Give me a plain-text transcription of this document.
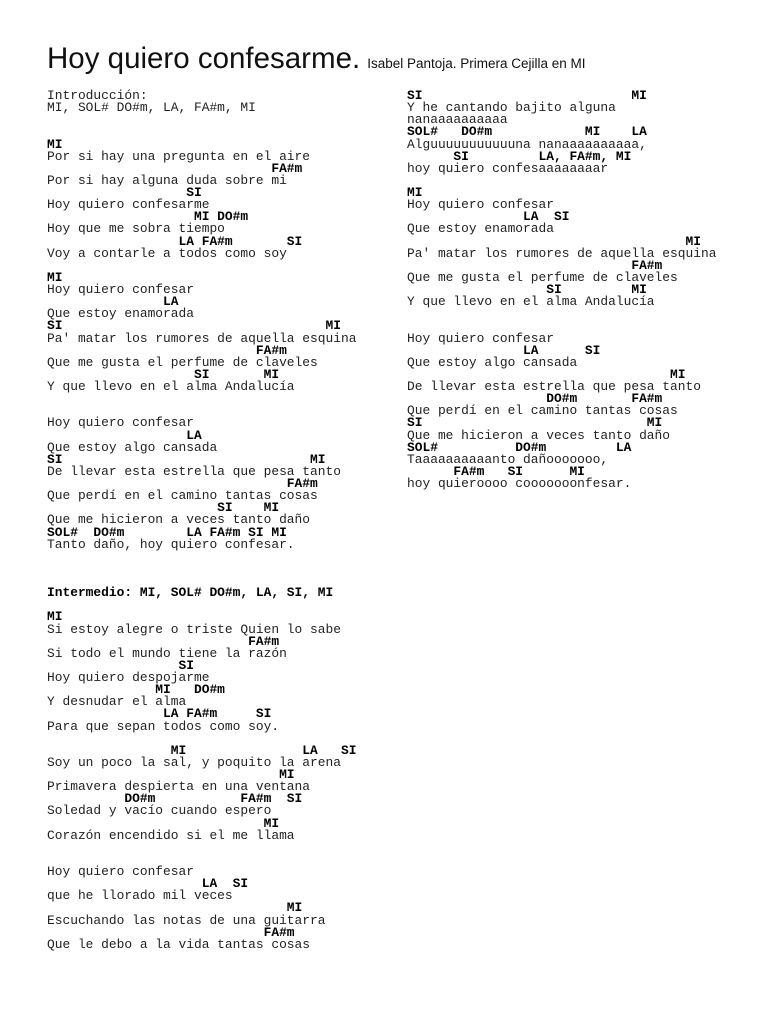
Hoy quiero confesarme. Isabel Pantoja. Primera Cejilla en MI
Introducción:
MI, SOL# DO#m, LA, FA#m, MI
MI
Por si hay una pregunta en el aire
FA#m
Por si hay alguna duda sobre mi
SI
Hoy quiero confesarme
MI DO#m
Hoy que me sobra tiempo
LA FA#m       SI
Voy a contarle a todos como soy
MI
Hoy quiero confesar
LA
Que estoy enamorada
SI                                  MI
Pa' matar los rumores de aquella esquina
FA#m
Que me gusta el perfume de claveles
SI       MI
Y que llevo en el alma Andalucía
Hoy quiero confesar
LA
Que estoy algo cansada
SI                                MI
De llevar esta estrella que pesa tanto
FA#m
Que perdí en el camino tantas cosas
SI    MI
Que me hicieron a veces tanto daño
SOL#  DO#m        LA FA#m SI MI
Tanto daño, hoy quiero confesar.
Intermedio: MI, SOL# DO#m, LA, SI, MI
MI
Si estoy alegre o triste Quien lo sabe
FA#m
Si todo el mundo tiene la razón
SI
Hoy quiero despojarme
MI   DO#m
Y desnudar el alma
LA FA#m     SI
Para que sepan todos como soy.
MI               LA   SI
Soy un poco la sal, y poquito la arena
MI
Primavera despierta en una ventana
DO#m           FA#m  SI
Soledad y vacío cuando espero
MI
Corazón encendido si el me llama
Hoy quiero confesar
LA  SI
que he llorado mil veces
MI
Escuchando las notas de una guitarra
FA#m
Que le debo a la vida tantas cosas
SI                           MI
Y he cantando bajito alguna
nanaaaaaaaaaa
SOL#   DO#m            MI    LA
Alguuuuuuuuuuuna nanaaaaaaaaaa,
SI         LA, FA#m, MI
hoy quiero confesaaaaaaaar
MI
Hoy quiero confesar
LA  SI
Que estoy enamorada
MI
Pa' matar los rumores de aquella esquina
FA#m
Que me gusta el perfume de claveles
SI         MI
Y que llevo en el alma Andalucía
Hoy quiero confesar
LA      SI
Que estoy algo cansada
MI
De llevar esta estrella que pesa tanto
DO#m       FA#m
Que perdí en el camino tantas cosas
SI                             MI
Que me hicieron a veces tanto daño
SOL#          DO#m         LA
Taaaaaaaaaanto dañooooooo,
FA#m   SI      MI
hoy quieroooo cooooooonfesar.
